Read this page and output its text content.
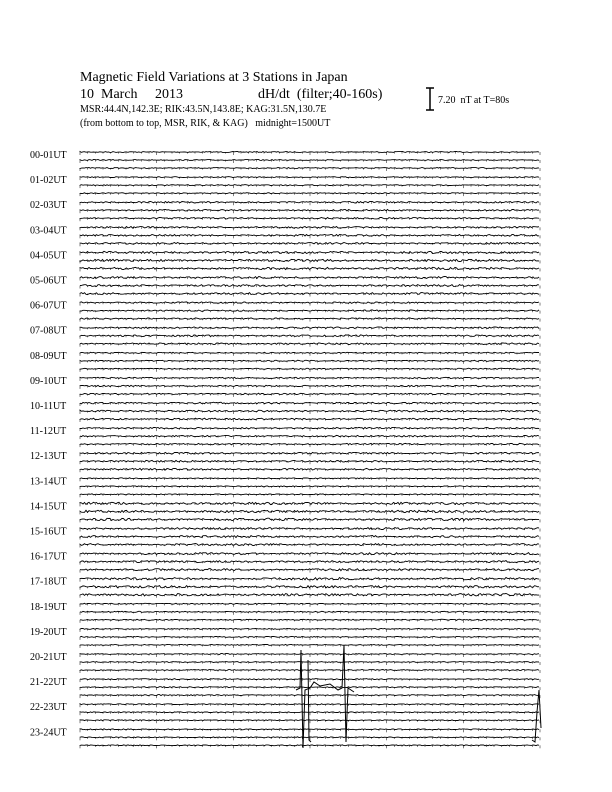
Magnetic Field Variations at 3 Stations in Japan
10  March     2013	dH/dt  (filter;40-160s)
MSR:44.4N,142.3E; RIK:43.5N,143.8E; KAG:31.5N,130.7E
(from bottom to top, MSR, RIK, & KAG)   midnight=1500UT
7.20  nT at T=80s
00-01UT
01-02UT
02-03UT
03-04UT
04-05UT
05-06UT
06-07UT
07-08UT
08-09UT
09-10UT
10-11UT
11-12UT
12-13UT
13-14UT
14-15UT
15-16UT
16-17UT
17-18UT
18-19UT
19-20UT
20-21UT
21-22UT
22-23UT
23-24UT
